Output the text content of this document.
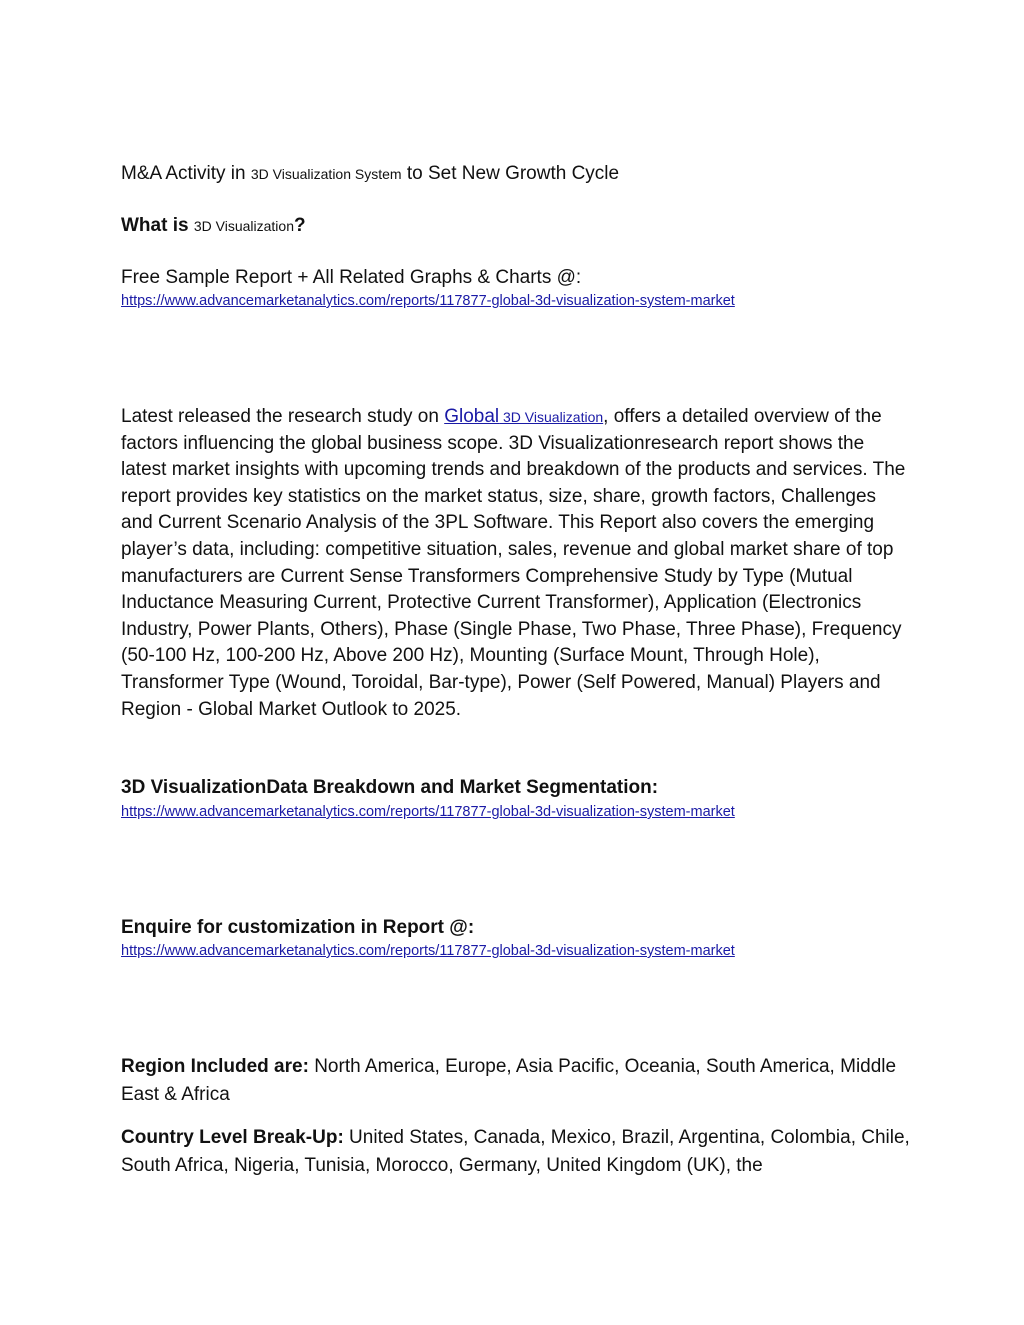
M&A Activity in 3D Visualization System to Set New Growth Cycle
What is 3D Visualization?
Free Sample Report + All Related Graphs & Charts @:
https://www.advancemarketanalytics.com/reports/117877-global-3d-visualization-system-market

Latest released the research study on Global 3D Visualization, offers a detailed overview of the factors influencing the global business scope. 3D Visualizationresearch report shows the latest market insights with upcoming trends and breakdown of the products and services. The report provides key statistics on the market status, size, share, growth factors, Challenges and Current Scenario Analysis of the 3PL Software. This Report also covers the emerging player’s data, including: competitive situation, sales, revenue and global market share of top manufacturers are Current Sense Transformers Comprehensive Study by Type (Mutual Inductance Measuring Current, Protective Current Transformer), Application (Electronics Industry, Power Plants, Others), Phase (Single Phase, Two Phase, Three Phase), Frequency (50-100 Hz, 100-200 Hz, Above 200 Hz), Mounting (Surface Mount, Through Hole), Transformer Type (Wound, Toroidal, Bar-type), Power (Self Powered, Manual) Players and Region - Global Market Outlook to 2025.

3D VisualizationData Breakdown and Market Segmentation:
https://www.advancemarketanalytics.com/reports/117877-global-3d-visualization-system-market
Enquire for customization in Report @:
https://www.advancemarketanalytics.com/reports/117877-global-3d-visualization-system-market

Region Included are: North America, Europe, Asia Pacific, Oceania, South America, Middle East & Africa

Country Level Break-Up: United States, Canada, Mexico, Brazil, Argentina, Colombia, Chile, South Africa, Nigeria, Tunisia, Morocco, Germany, United Kingdom (UK), the
